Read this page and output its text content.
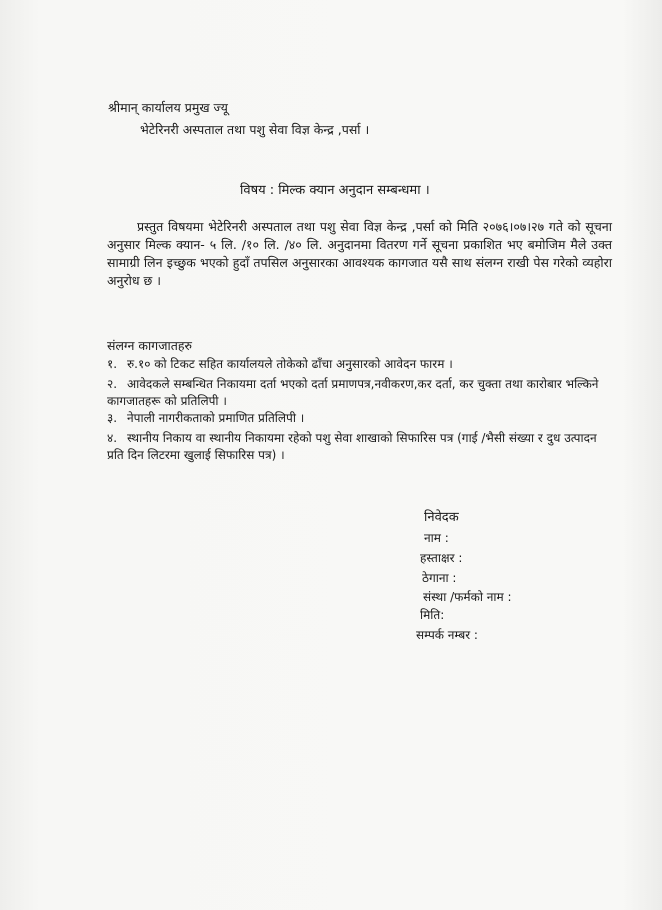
श्रीमान् कार्यालय प्रमुख ज्यू
भेटेरिनरी अस्पताल तथा पशु सेवा विज्ञ केन्द्र ,पर्सा ।
विषय : मिल्क क्यान अनुदान सम्बन्धमा ।
प्रस्तुत विषयमा भेटेरिनरी अस्पताल तथा पशु सेवा विज्ञ केन्द्र ,पर्सा को मिति २०७६।०७।२७ गते को सूचना अनुसार मिल्क क्यान- ५ लि. /१० लि. /४० लि. अनुदानमा वितरण गर्ने सूचना प्रकाशित भए बमोजिम मैले उक्त सामाग्री लिन इच्छुक भएको हुदाँ तपसिल अनुसारका आवश्यक कागजात यसै साथ संलग्न राखी पेस गरेको व्यहोरा अनुरोध छ ।
संलग्न कागजातहरु
१. रु.१० को टिकट सहित कार्यालयले तोकेको ढाँचा अनुसारको आवेदन फारम ।
२. आवेदकले सम्बन्धित निकायमा दर्ता भएको दर्ता प्रमाणपत्र,नवीकरण,कर दर्ता, कर चुक्ता तथा कारोबार भल्किने कागजातहरू को प्रतिलिपी ।
३. नेपाली नागरीकताको प्रमाणित प्रतिलिपी ।
४. स्थानीय निकाय वा स्थानीय निकायमा रहेको पशु सेवा शाखाको सिफारिस पत्र (गाई /भैसी संख्या र दुध उत्पादन प्रति दिन लिटरमा खुलाई सिफारिस पत्र) ।
निवेदक
नाम :
हस्ताक्षर :
ठेगाना :
संस्था /फर्मको नाम :
मिति:
सम्पर्क नम्बर :
